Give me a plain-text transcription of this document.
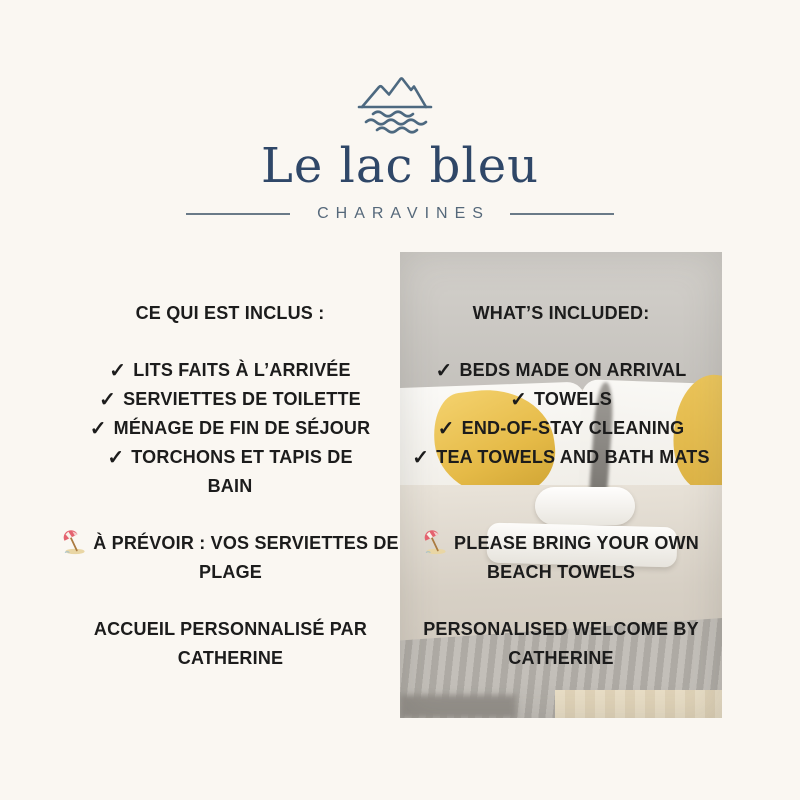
Le lac bleu
CHARAVINES
CE QUI EST INCLUS :
✓ LITS FAITS À L’ARRIVÉE
✓ SERVIETTES DE TOILETTE
✓ MÉNAGE DE FIN DE SÉJOUR
✓ TORCHONS ET TAPIS DE BAIN
À PRÉVOIR : VOS SERVIETTES DE PLAGE
ACCUEIL PERSONNALISÉ PAR CATHERINE
WHAT’S INCLUDED:
✓ BEDS MADE ON ARRIVAL
✓ TOWELS
✓ END-OF-STAY CLEANING
✓ TEA TOWELS AND BATH MATS
PLEASE BRING YOUR OWN BEACH TOWELS
PERSONALISED WELCOME BY CATHERINE
